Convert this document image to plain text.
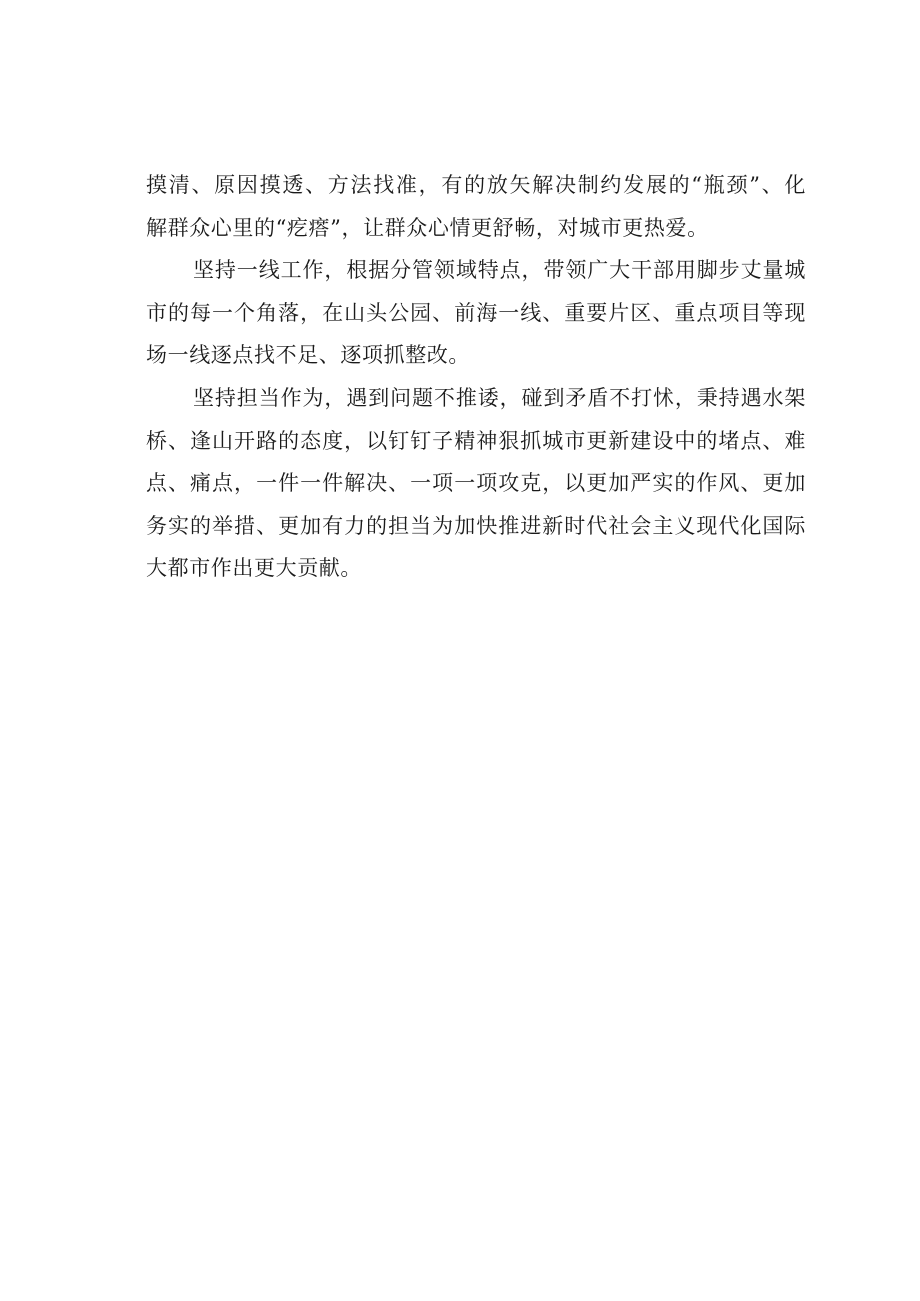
摸清、原因摸透、方法找准，有的放矢解决制约发展的“瓶颈”、化
解群众心里的“疙瘩”，让群众心情更舒畅，对城市更热爱。
坚持一线工作，根据分管领域特点，带领广大干部用脚步丈量城
市的每一个角落，在山头公园、前海一线、重要片区、重点项目等现
场一线逐点找不足、逐项抓整改。
坚持担当作为，遇到问题不推诿，碰到矛盾不打怵，秉持遇水架
桥、逢山开路的态度，以钉钉子精神狠抓城市更新建设中的堵点、难
点、痛点，一件一件解决、一项一项攻克，以更加严实的作风、更加
务实的举措、更加有力的担当为加快推进新时代社会主义现代化国际
大都市作出更大贡献。
